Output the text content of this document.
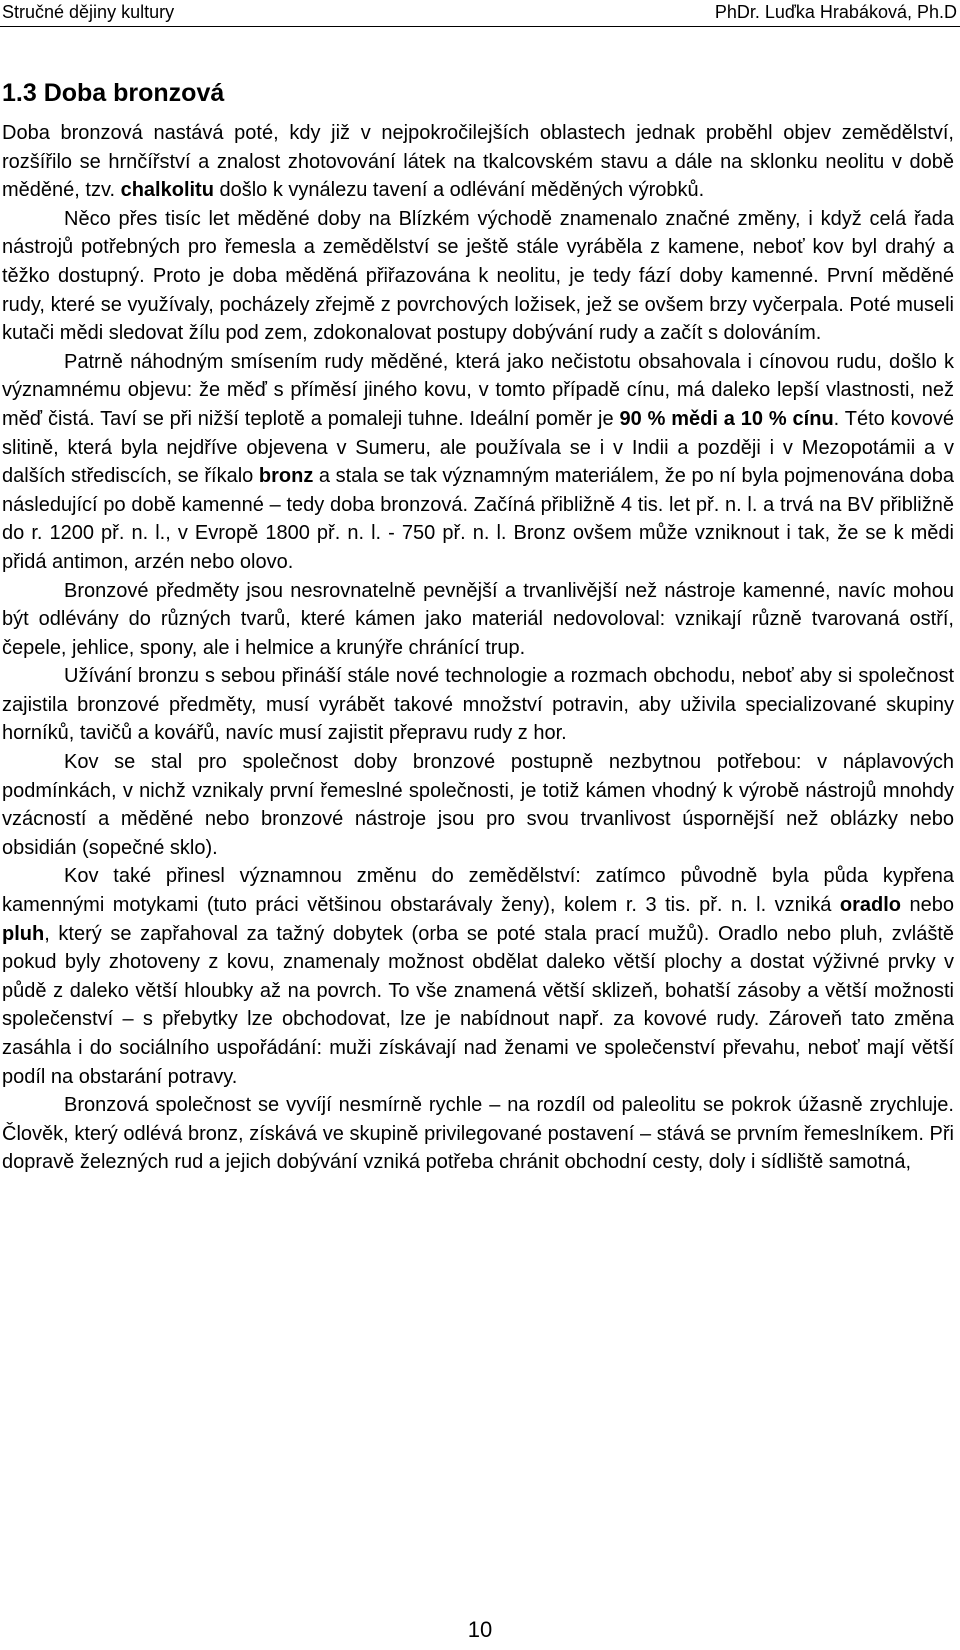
Stručné dějiny kultury	PhDr. Luďka Hrabáková, Ph.D
1.3 Doba bronzová

Doba bronzová nastává poté, kdy již v nejpokročilejších oblastech jednak proběhl objev zemědělství, rozšířilo se hrnčířství a znalost zhotovování látek na tkalcovském stavu a dále na sklonku neolitu v době měděné, tzv. chalkolitu došlo k vynálezu tavení a odlévání měděných výrobků.

Něco přes tisíc let měděné doby na Blízkém východě znamenalo značné změny, i když celá řada nástrojů potřebných pro řemesla a zemědělství se ještě stále vyráběla z kamene, neboť kov byl drahý a těžko dostupný. Proto je doba měděná přiřazována k neolitu, je tedy fází doby kamenné. První měděné rudy, které se využívaly, pocházely zřejmě z povrchových ložisek, jež se ovšem brzy vyčerpala. Poté museli kutači mědi sledovat žílu pod zem, zdokonalovat postupy dobývání rudy a začít s dolováním.

Patrně náhodným smísením rudy měděné, která jako nečistotu obsahovala i cínovou rudu, došlo k významnému objevu: že měď s příměsí jiného kovu, v tomto případě cínu, má daleko lepší vlastnosti, než měď čistá. Taví se při nižší teplotě a pomaleji tuhne. Ideální poměr je 90 % mědi a 10 % cínu. Této kovové slitině, která byla nejdříve objevena v Sumeru, ale používala se i v Indii a později i v Mezopotámii a v dalších střediscích, se říkalo bronz a stala se tak významným materiálem, že po ní byla pojmenována doba následující po době kamenné – tedy doba bronzová. Začíná přibližně 4 tis. let př. n. l. a trvá na BV přibližně do r. 1200 př. n. l., v Evropě 1800 př. n. l. - 750 př. n. l. Bronz ovšem může vzniknout i tak, že se k mědi přidá antimon, arzén nebo olovo.

Bronzové předměty jsou nesrovnatelně pevnější a trvanlivější než nástroje kamenné, navíc mohou být odlévány do různých tvarů, které kámen jako materiál nedovoloval: vznikají různě tvarovaná ostří, čepele, jehlice, spony, ale i helmice a krunýře chránící trup.

Užívání bronzu s sebou přináší stále nové technologie a rozmach obchodu, neboť aby si společnost zajistila bronzové předměty, musí vyrábět takové množství potravin, aby uživila specializované skupiny horníků, tavičů a kovářů, navíc musí zajistit přepravu rudy z hor.

Kov se stal pro společnost doby bronzové postupně nezbytnou potřebou: v náplavových podmínkách, v nichž vznikaly první řemeslné společnosti, je totiž kámen vhodný k výrobě nástrojů mnohdy vzácností a měděné nebo bronzové nástroje jsou pro svou trvanlivost úspornější než oblázky nebo obsidián (sopečné sklo).

Kov také přinesl významnou změnu do zemědělství: zatímco původně byla půda kypřena kamennými motykami (tuto práci většinou obstarávaly ženy), kolem r. 3 tis. př. n. l. vzniká oradlo nebo pluh, který se zapřahoval za tažný dobytek (orba se poté stala prací mužů). Oradlo nebo pluh, zvláště pokud byly zhotoveny z kovu, znamenaly možnost obdělat daleko větší plochy a dostat výživné prvky v půdě z daleko větší hloubky až na povrch. To vše znamená větší sklizeň, bohatší zásoby a větší možnosti společenství – s přebytky lze obchodovat, lze je nabídnout např. za kovové rudy. Zároveň tato změna zasáhla i do sociálního uspořádání: muži získávají nad ženami ve společenství převahu, neboť mají větší podíl na obstarání potravy.

Bronzová společnost se vyvíjí nesmírně rychle – na rozdíl od paleolitu se pokrok úžasně zrychluje. Člověk, který odlévá bronz, získává ve skupině privilegované postavení – stává se prvním řemeslníkem. Při dopravě železných rud a jejich dobývání vzniká potřeba chránit obchodní cesty, doly i sídliště samotná,

10
